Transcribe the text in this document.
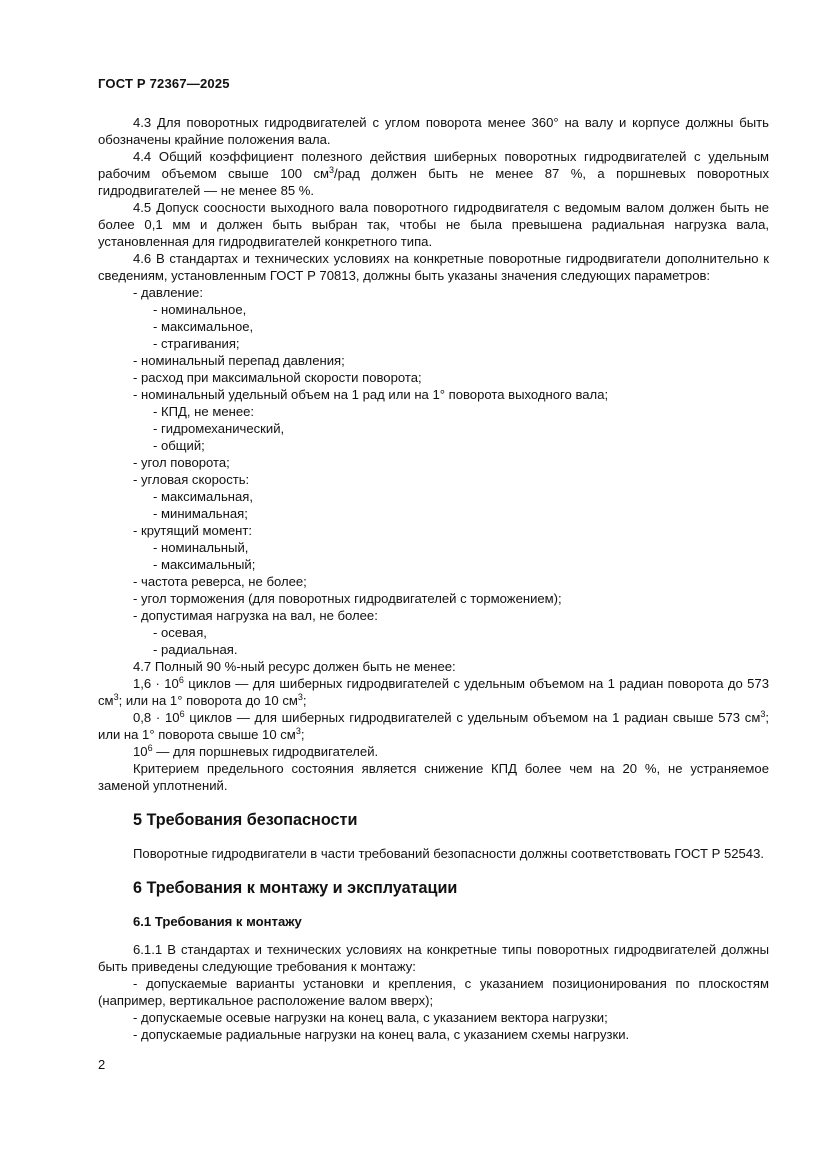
ГОСТ Р 72367—2025

4.3 Для поворотных гидродвигателей с углом поворота менее 360° на валу и корпусе должны быть обозначены крайние положения вала.

4.4 Общий коэффициент полезного действия шиберных поворотных гидродвигателей с удельным рабочим объемом свыше 100 $см^3$/рад должен быть не менее 87 %, а поршневых поворотных гидродвигателей — не менее 85 %.

4.5 Допуск соосности выходного вала поворотного гидродвигателя с ведомым валом должен быть не более 0,1 мм и должен быть выбран так, чтобы не была превышена радиальная нагрузка вала, установленная для гидродвигателей конкретного типа.

4.6 В стандартах и технических условиях на конкретные поворотные гидродвигатели дополнительно к сведениям, установленным ГОСТ Р 70813, должны быть указаны значения следующих параметров:

- давление:

- номинальное,

- максимальное,

- страгивания;

- номинальный перепад давления;

- расход при максимальной скорости поворота;

- номинальный удельный объем на 1 рад или на 1° поворота выходного вала;

- КПД, не менее:

- гидромеханический,

- общий;

- угол поворота;

- угловая скорость:

- максимальная,

- минимальная;

- крутящий момент:

- номинальный,

- максимальный;

- частота реверса, не более;

- угол торможения (для поворотных гидродвигателей с торможением);

- допустимая нагрузка на вал, не более:

- осевая,

- радиальная.

4.7 Полный 90 %-ный ресурс должен быть не менее:

$1,6 \cdot 10^6$ циклов — для шиберных гидродвигателей с удельным объемом на 1 радиан поворота до 573 $см^3$; или на 1° поворота до 10 $см^3$;

$0,8 \cdot 10^6$ циклов — для шиберных гидродвигателей с удельным объемом на 1 радиан свыше 573 $см^3$; или на 1° поворота свыше 10 $см^3$;

$10^6$ — для поршневых гидродвигателей.

Критерием предельного состояния является снижение КПД более чем на 20 %, не устраняемое заменой уплотнений.

5 Требования безопасности

Поворотные гидродвигатели в части требований безопасности должны соответствовать ГОСТ Р 52543.

6 Требования к монтажу и эксплуатации
6.1 Требования к монтажу

6.1.1 В стандартах и технических условиях на конкретные типы поворотных гидродвигателей должны быть приведены следующие требования к монтажу:

- допускаемые варианты установки и крепления, с указанием позиционирования по плоскостям (например, вертикальное расположение валом вверх);

- допускаемые осевые нагрузки на конец вала, с указанием вектора нагрузки;

- допускаемые радиальные нагрузки на конец вала, с указанием схемы нагрузки.

2
